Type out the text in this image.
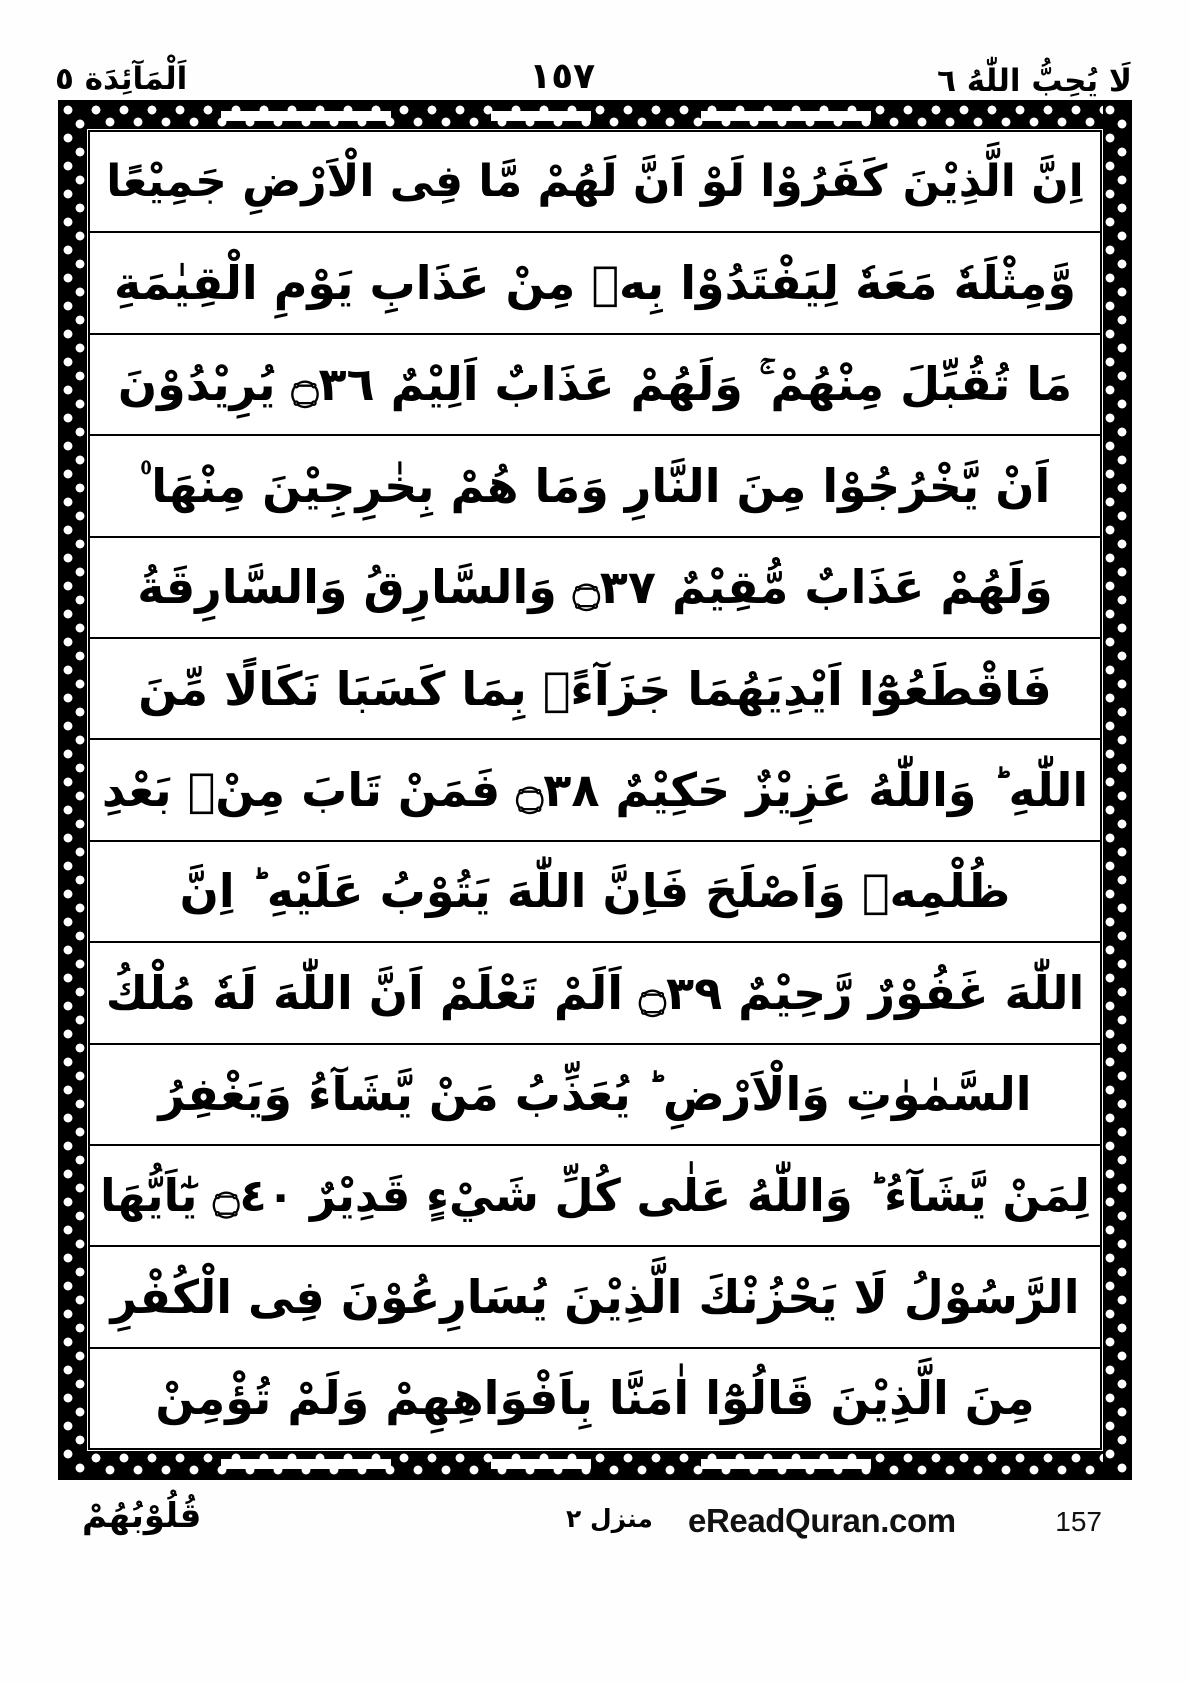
لَا يُحِبُّ اللّٰهُ ٦
١٥٧
اَلْمَآئِدَة ٥
اِنَّ الَّذِيْنَ كَفَرُوْا لَوْ اَنَّ لَهُمْ مَّا فِى الْاَرْضِ جَمِيْعًا
وَّمِثْلَهٗ مَعَهٗ لِيَفْتَدُوْا بِهٖ مِنْ عَذَابِ يَوْمِ الْقِيٰمَةِ
مَا تُقُبِّلَ مِنْهُمْ ۚ وَلَهُمْ عَذَابٌ اَلِيْمٌ ۝٣٦ يُرِيْدُوْنَ
اَنْ يَّخْرُجُوْا مِنَ النَّارِ وَمَا هُمْ بِخٰرِجِيْنَ مِنْهَا ۠
وَلَهُمْ عَذَابٌ مُّقِيْمٌ ۝٣٧ وَالسَّارِقُ وَالسَّارِقَةُ
فَاقْطَعُوْٓا اَيْدِيَهُمَا جَزَآءًۢ بِمَا كَسَبَا نَكَالًا مِّنَ
اللّٰهِ ؕ وَاللّٰهُ عَزِيْزٌ حَكِيْمٌ ۝٣٨ فَمَنْ تَابَ مِنْۢ بَعْدِ
ظُلْمِهٖ وَاَصْلَحَ فَاِنَّ اللّٰهَ يَتُوْبُ عَلَيْهِ ؕ اِنَّ
اللّٰهَ غَفُوْرٌ رَّحِيْمٌ ۝٣٩ اَلَمْ تَعْلَمْ اَنَّ اللّٰهَ لَهٗ مُلْكُ
السَّمٰوٰتِ وَالْاَرْضِ ؕ يُعَذِّبُ مَنْ يَّشَآءُ وَيَغْفِرُ
لِمَنْ يَّشَآءُ ؕ وَاللّٰهُ عَلٰى كُلِّ شَيْءٍ قَدِيْرٌ ۝٤٠ يٰٓاَيُّهَا
الرَّسُوْلُ لَا يَحْزُنْكَ الَّذِيْنَ يُسَارِعُوْنَ فِى الْكُفْرِ
مِنَ الَّذِيْنَ قَالُوْٓا اٰمَنَّا بِاَفْوَاهِهِمْ وَلَمْ تُؤْمِنْ
قُلُوْبُهُمْ	منزل ٢ eReadQuran.com	157
